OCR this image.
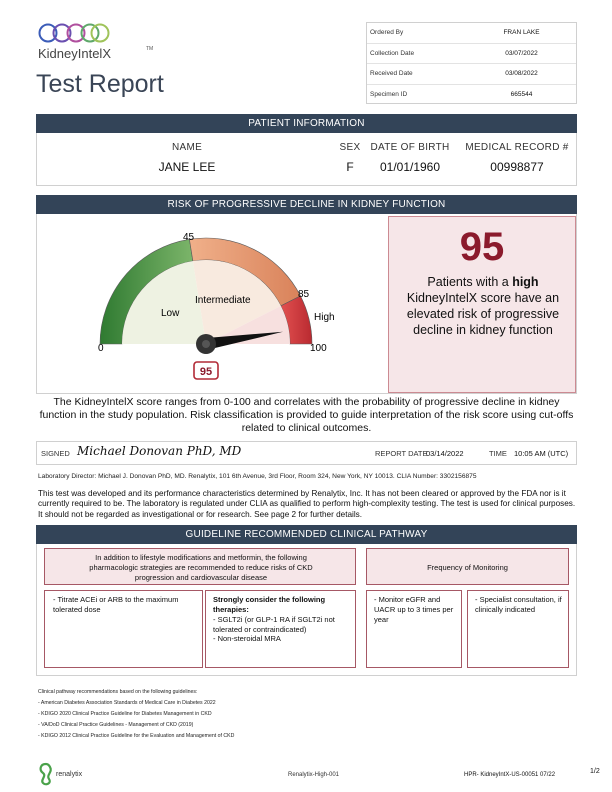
KidneyIntelX	TM
Test Report
Ordered By	FRAN LAKE
Collection Date	03/07/2022
Received Date	03/08/2022
Specimen ID	665544
PATIENT INFORMATION
NAME
JANE LEE
SEX
F
DATE OF BIRTH
01/01/1960
MEDICAL RECORD #
00998877
RISK OF PROGRESSIVE DECLINE IN KIDNEY FUNCTION
0
45
85
100
Low
Intermediate
High
95
95
Patients with a high KidneyIntelX score have an elevated risk of progressive decline in kidney function
The KidneyIntelX score ranges from 0-100 and correlates with the probability of progressive decline in kidney function in the study population. Risk classification is provided to guide interpretation of the risk score using cut-offs related to clinical outcomes.
SIGNED Michael Donovan PhD, MD	REPORT DATE
03/14/2022	TIME 10:05 AM (UTC)
Laboratory Director: Michael J. Donovan PhD, MD. Renalytix, 101 6th Avenue, 3rd Floor, Room 324, New York, NY 10013. CLIA Number: 3302156875
This test was developed and its performance characteristics determined by Renalytix, Inc. It has not been cleared or approved by the FDA nor is it currently required to be. The laboratory is regulated under CLIA as qualified to perform high-complexity testing. The test is used for clinical purposes. It should not be regarded as investigational or for research. See page 2 for further details.
GUIDELINE RECOMMENDED CLINICAL PATHWAY
In addition to lifestyle modifications and metformin, the following pharmacologic strategies are recommended to reduce risks of CKD progression and cardiovascular disease
Frequency of Monitoring
- Titrate ACEi or ARB to the maximum tolerated dose
Strongly consider the following therapies:
- SGLT2i (or GLP-1 RA if SGLT2i not tolerated or contraindicated)
- Non-steroidal MRA
- Monitor eGFR and UACR up to 3 times per year
- Specialist consultation, if clinically indicated
Clinical pathway recommendations based on the following guidelines:
- American Diabetes Association Standards of Medical Care in Diabetes 2022
- KDIGO 2020 Clinical Practice Guideline for Diabetes Management in CKD
- VA/DoD Clinical Practice Guidelines - Management of CKD (2019)
- KDIGO 2012 Clinical Practice Guideline for the Evaluation and Management of CKD
renalytix	Renalytix-High-001	HPR- KidneyIntX-US-00051 07/22	1/2
